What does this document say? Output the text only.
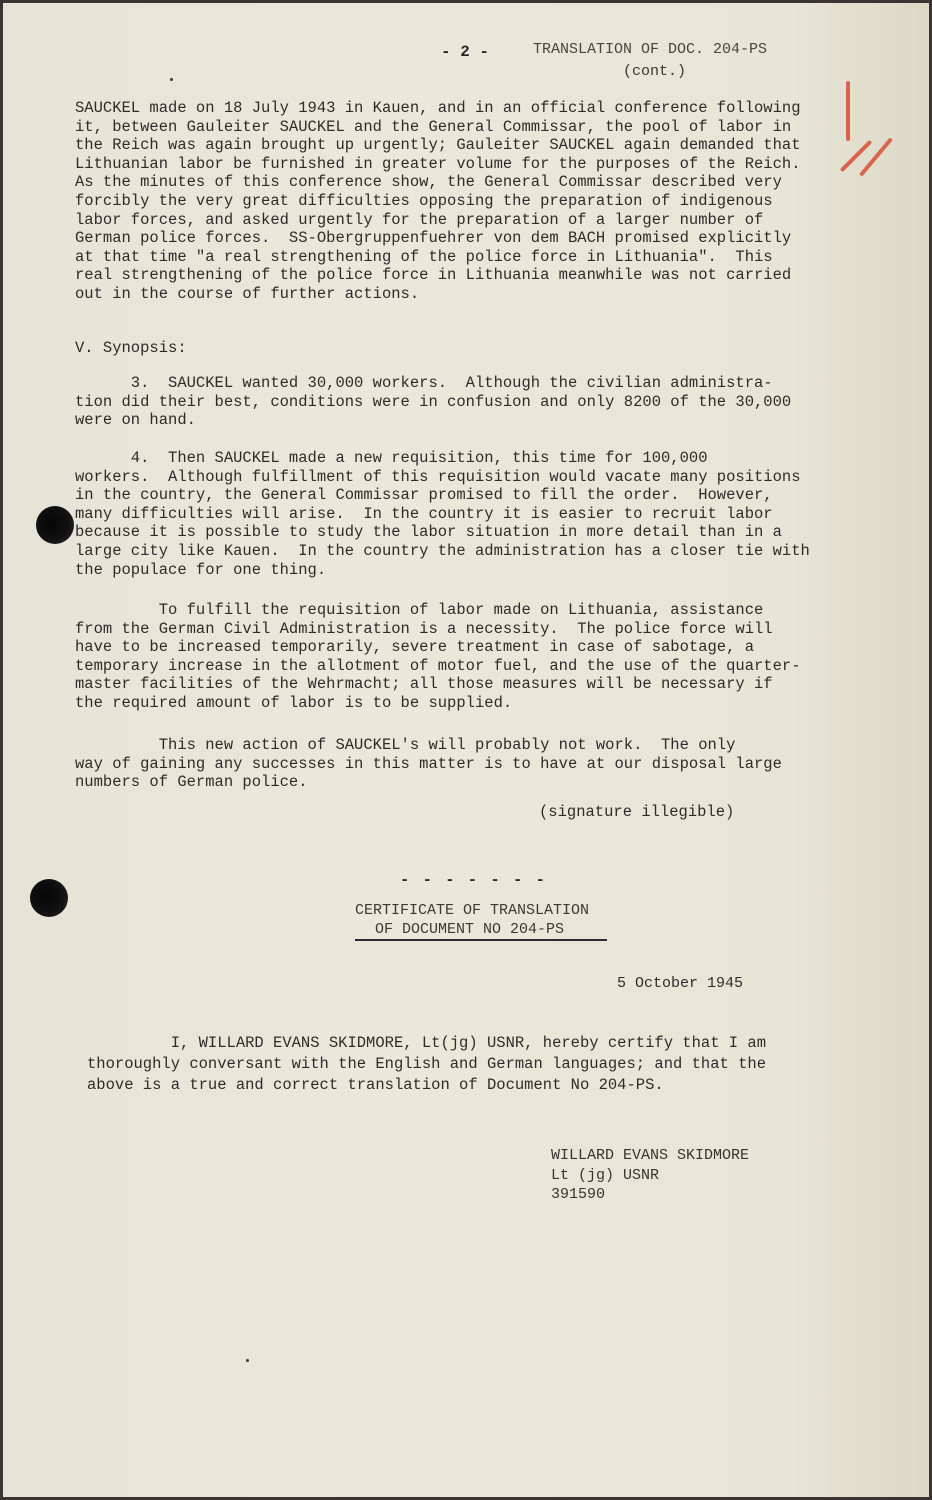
- 2 -	TRANSLATION OF DOC. 204-PS
(cont.)
SAUCKEL made on 18 July 1943 in Kauen, and in an official conference following
it, between Gauleiter SAUCKEL and the General Commissar, the pool of labor in
the Reich was again brought up urgently; Gauleiter SAUCKEL again demanded that
Lithuanian labor be furnished in greater volume for the purposes of the Reich.
As the minutes of this conference show, the General Commissar described very
forcibly the very great difficulties opposing the preparation of indigenous
labor forces, and asked urgently for the preparation of a larger number of
German police forces.  SS-Obergruppenfuehrer von dem BACH promised explicitly
at that time "a real strengthening of the police force in Lithuania".  This
real strengthening of the police force in Lithuania meanwhile was not carried
out in the course of further actions.
V. Synopsis:
3.  SAUCKEL wanted 30,000 workers.  Although the civilian administra-
tion did their best, conditions were in confusion and only 8200 of the 30,000
were on hand.
4.  Then SAUCKEL made a new requisition, this time for 100,000
workers.  Although fulfillment of this requisition would vacate many positions
in the country, the General Commissar promised to fill the order.  However,
many difficulties will arise.  In the country it is easier to recruit labor
because it is possible to study the labor situation in more detail than in a
large city like Kauen.  In the country the administration has a closer tie with
the populace for one thing.
To fulfill the requisition of labor made on Lithuania, assistance
from the German Civil Administration is a necessity.  The police force will
have to be increased temporarily, severe treatment in case of sabotage, a
temporary increase in the allotment of motor fuel, and the use of the quarter-
master facilities of the Wehrmacht; all those measures will be necessary if
the required amount of labor is to be supplied.
This new action of SAUCKEL's will probably not work.  The only
way of gaining any successes in this matter is to have at our disposal large
numbers of German police.
(signature illegible)
- - - - - - -
CERTIFICATE OF TRANSLATION
OF DOCUMENT NO 204-PS
5 October 1945
I, WILLARD EVANS SKIDMORE, Lt(jg) USNR, hereby certify that I am
thoroughly conversant with the English and German languages; and that the
above is a true and correct translation of Document No 204-PS.
WILLARD EVANS SKIDMORE
Lt (jg) USNR
391590
